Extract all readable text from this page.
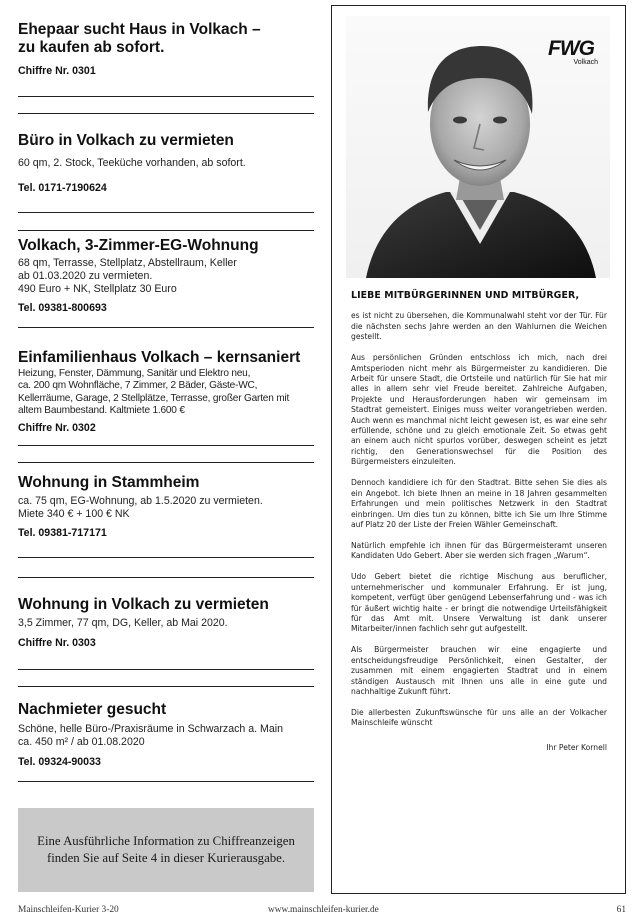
Ehepaar sucht Haus in Volkach –
zu kaufen ab sofort.
Chiffre Nr. 0301
Büro in Volkach zu vermieten
60 qm, 2. Stock, Teeküche vorhanden, ab sofort.
Tel. 0171-7190624
Volkach, 3-Zimmer-EG-Wohnung
68 qm, Terrasse, Stellplatz, Abstellraum, Keller
ab 01.03.2020 zu vermieten.
490 Euro + NK, Stellplatz 30 Euro
Tel. 09381-800693
Einfamilienhaus Volkach – kernsaniert
Heizung, Fenster, Dämmung, Sanitär und Elektro neu,
ca. 200 qm Wohnfläche, 7 Zimmer, 2 Bäder, Gäste-WC,
Kellerräume, Garage, 2 Stellplätze, Terrasse, großer Garten mit
altem Baumbestand. Kaltmiete 1.600 €
Chiffre Nr. 0302
Wohnung in Stammheim
ca. 75 qm, EG-Wohnung, ab 1.5.2020 zu vermieten.
Miete 340 € + 100 € NK
Tel. 09381-717171
Wohnung in Volkach zu vermieten
3,5 Zimmer, 77 qm, DG, Keller, ab Mai 2020.
Chiffre Nr. 0303
Nachmieter gesucht
Schöne, helle Büro-/Praxisräume in Schwarzach a. Main
ca. 450 m² / ab 01.08.2020
Tel. 09324-90033
Eine Ausführliche Information zu Chiffreanzeigen
finden Sie auf Seite 4 in dieser Kurierausgabe.
FWG
Volkach
LIEBE MITBÜRGERINNEN UND MITBÜRGER,

es ist nicht zu übersehen, die Kommunalwahl steht vor der Tür. Für die nächsten sechs Jahre werden an den Wahlurnen die Weichen gestellt.

Aus persönlichen Gründen entschloss ich mich, nach drei Amtsperioden nicht mehr als Bürgermeister zu kandidieren. Die Arbeit für unsere Stadt, die Ortsteile und natürlich für Sie hat mir alles in allem sehr viel Freude bereitet. Zahlreiche Aufgaben, Projekte und Herausforderungen haben wir gemeinsam im Stadtrat gemeistert. Einiges muss weiter vorangetrieben werden. Auch wenn es manchmal nicht leicht gewesen ist, es war eine sehr erfüllende, schöne und zu gleich emotionale Zeit. So etwas geht an einem auch nicht spurlos vorüber, deswegen scheint es jetzt richtig, den Generationswechsel für die Position des Bürgermeisters einzuleiten.

Dennoch kandidiere ich für den Stadtrat. Bitte sehen Sie dies als ein Angebot. Ich biete Ihnen an meine in 18 Jahren gesammelten Erfahrungen und mein politisches Netzwerk in den Stadtrat einbringen. Um dies tun zu können, bitte ich Sie um Ihre Stimme auf Platz 20 der Liste der Freien Wähler Gemeinschaft.

Natürlich empfehle ich ihnen für das Bürgermeisteramt unseren Kandidaten Udo Gebert. Aber sie werden sich fragen „Warum“.

Udo Gebert bietet die richtige Mischung aus beruflicher, unternehmerischer und kommunaler Erfahrung. Er ist jung, kompetent, verfügt über genügend Lebenserfahrung und - was ich für äußert wichtig halte - er bringt die notwendige Urteilsfähigkeit für das Amt mit. Unsere Verwaltung ist dank unserer Mitarbeiter/innen fachlich sehr gut aufgestellt.

Als Bürgermeister brauchen wir eine engagierte und entscheidungsfreudige Persönlichkeit, einen Gestalter, der zusammen mit einem engagierten Stadtrat und in einem ständigen Austausch mit Ihnen uns alle in eine gute und nachhaltige Zukunft führt.

Die allerbesten Zukunftswünsche für uns alle an der Volkacher Mainschleife wünscht

Ihr Peter Kornell
Mainschleifen-Kurier 3-20	www.mainschleifen-kurier.de	61
